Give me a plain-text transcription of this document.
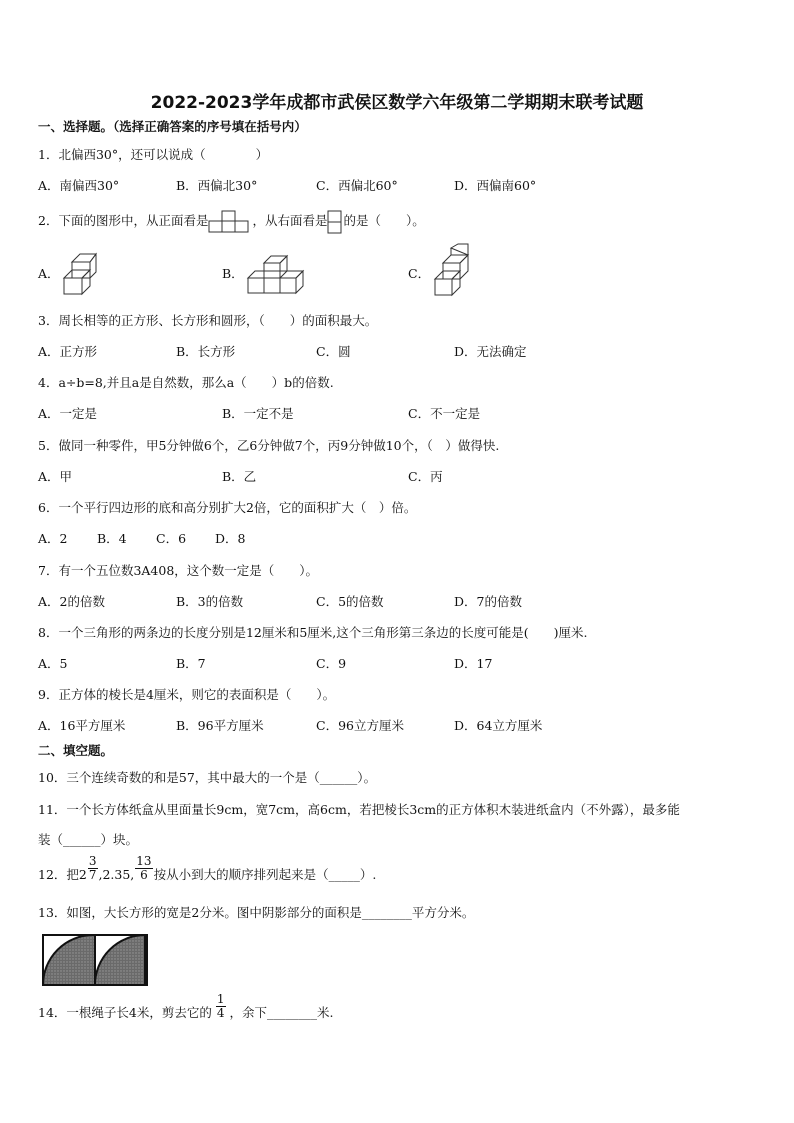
2022-2023学年成都市武侯区数学六年级第二学期期末联考试题
一、选择题。（选择正确答案的序号填在括号内）
1．北偏西30°，还可以说成（　　　　）
A．南偏西30°	B．西偏北30°	C．西偏北60°	D．西偏南60°
2．下面的图形中，从正面看是	，从右面看是 的是（　　）。
A．	B．	C．
3．周长相等的正方形、长方形和圆形，（　　）的面积最大。
A．正方形	B．长方形	C．圆	D．无法确定
4．a÷b=8,并且a是自然数，那么a（　　）b的倍数.
A．一定是	B．一定不是	C．不一定是
5．做同一种零件，甲5分钟做6个，乙6分钟做7个，丙9分钟做10个，（　）做得快.
A．甲	B．乙	C．丙
6．一个平行四边形的底和高分别扩大2倍，它的面积扩大（　）倍。
A．2 B．4 C．6 D．8
7．有一个五位数3A408，这个数一定是（　　）。
A．2的倍数	B．3的倍数	C．5的倍数	D．7的倍数
8．一个三角形的两条边的长度分别是12厘米和5厘米,这个三角形第三条边的长度可能是(　　)厘米.
A．5	B．7	C．9	D．17
9．正方体的棱长是4厘米，则它的表面积是（　　）。
A．16平方厘米	B．96平方厘米	C．96立方厘米	D．64立方厘米
二、填空题。
10．三个连续奇数的和是57，其中最大的一个是（______）。
11．一个长方体纸盒从里面量长9cm，宽7cm，高6cm，若把棱长3cm的正方体积木装进纸盒内（不外露），最多能
装（______）块。
12．把$2 \frac{3}{7} ,2.35$, $\frac{13}{6}$ 按从小到大的顺序排列起来是（_____）.
13．如图，大长方形的宽是2分米。图中阴影部分的面积是________平方分米。
14．一根绳子长4米，剪去它的 $\frac{1}{4}$ ，余下________米.
